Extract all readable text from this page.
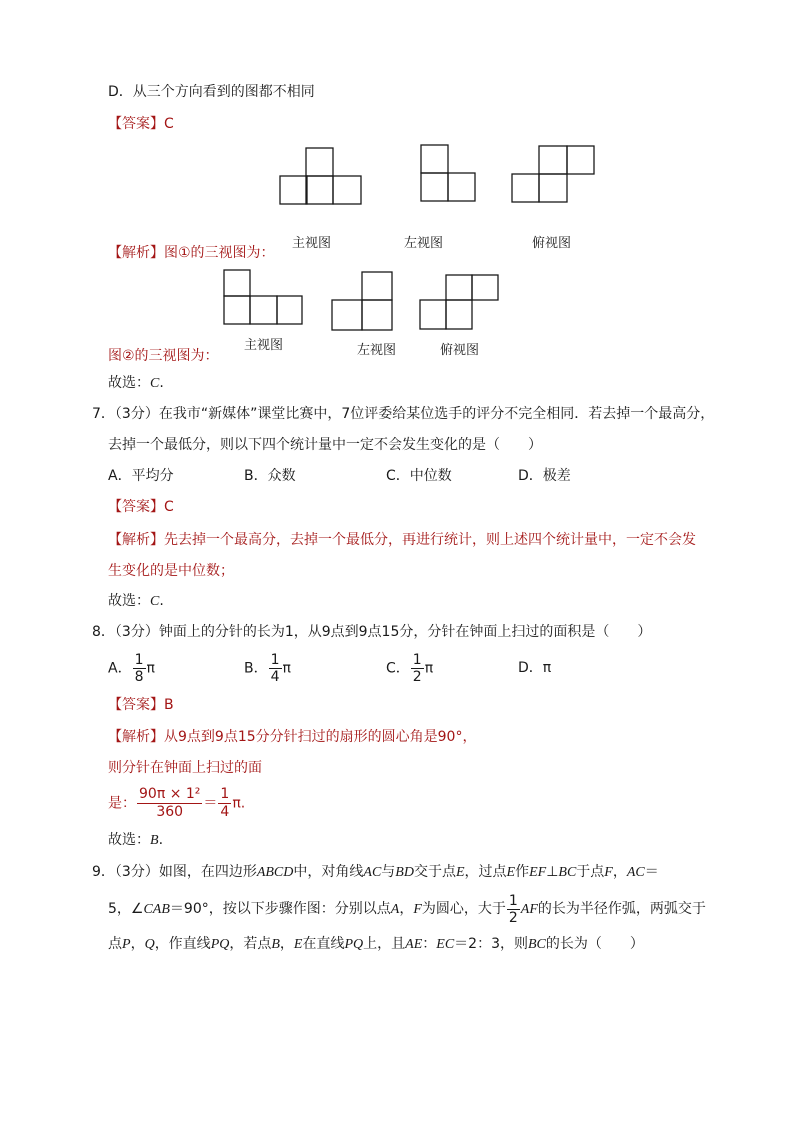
D．从三个方向看到的图都不相同
【答案】C
主视图	左视图	俯视图
【解析】图①的三视图为：
主视图	左视图	俯视图
图②的三视图为：
故选：C.
7．（3分）在我市“新媒体”课堂比赛中，7位评委给某位选手的评分不完全相同．若去掉一个最高分，
去掉一个最低分，则以下四个统计量中一定不会发生变化的是（　　）
A．平均分	B．众数	C．中位数	D．极差
【答案】C
【解析】先去掉一个最高分，去掉一个最低分，再进行统计，则上述四个统计量中，一定不会发
生变化的是中位数；
故选：C.
8．（3分）钟面上的分针的长为1，从9点到9点15分，分针在钟面上扫过的面积是（　　）
A． $\frac{1}{8}$ π	B． $\frac{1}{4}$ π	C． $\frac{1}{2}$ π	D．π
【答案】B
【解析】从9点到9点15分分针扫过的扇形的圆心角是90°，
则分针在钟面上扫过的面
是： $\frac{\text{90π × 1²}}{360} = \frac{1}{4} \pi$.
故选：B.
9．（3分）如图，在四边形ABCD中，对角线AC与BD交于点E，过点E作EF⊥BC于点F，AC＝
5，∠CAB＝90°，按以下步骤作图：分别以点A，F为圆心，大于 $\frac{1}{2}$ AF的长为半径作弧，两弧交于
点P，Q，作直线PQ，若点B，E在直线PQ上，且AE：EC＝2：3，则BC的长为（　　）
